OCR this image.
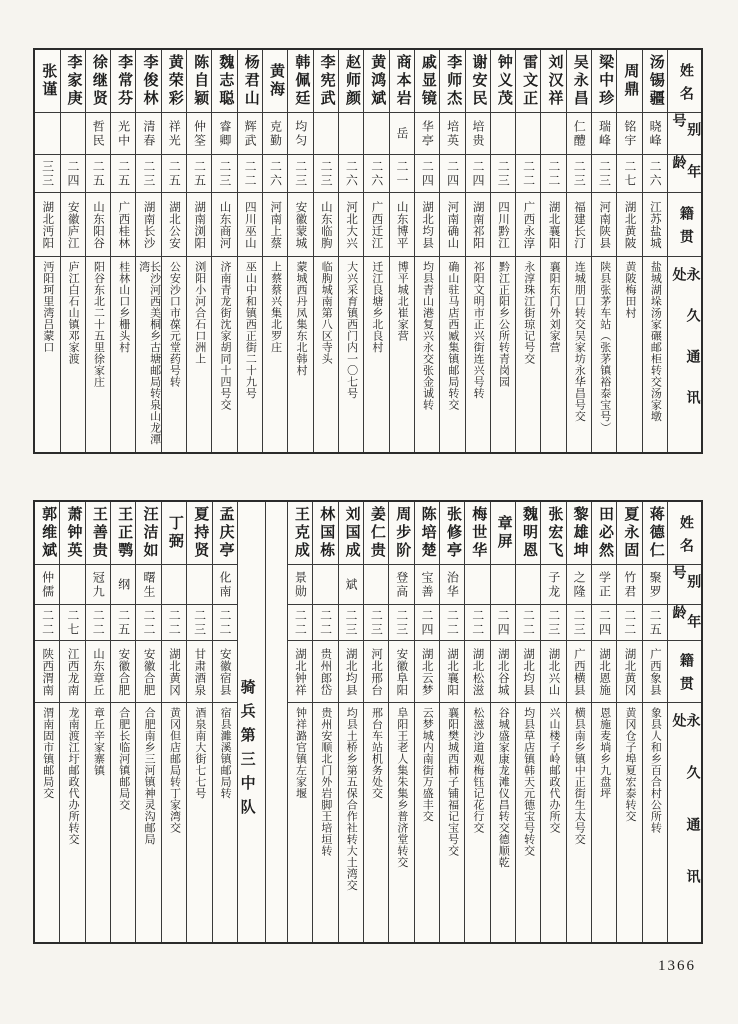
姓名
别号
年龄
籍贯
永久通讯处
汤锡疆
晓峰
二六
江苏盐城
盐城湖垛汤家碾邮柜转交汤家墩
周鼎
铭宇
二七
湖北黄陂
黄陂梅田村
梁中珍
瑞峰
二三
河南陕县
陕县张茅车站（张茅镇裕泰宝号）
吴永昌
仁醴
二三
福建长汀
连城朋口转交吴家坊永华昌号交
刘汉祥
二二
湖北襄阳
襄阳东门外刘家营
雷文正
二二
广西永淳
永淳珠江街琼记号交
钟义茂
二三
四川黔江
黔江正阳乡公所转青岗园
谢安民
培贵
二四
湖南祁阳
祁阳文明市正兴街连兴号转
李师杰
培英
二四
河南确山
确山驻马店西臧集镇邮局转交
戚显镜
华亭
二四
湖北均县
均县青山港复兴永交张金诚转
商本岩
岳
二一
山东博平
博平城北崔家营
黄鸿斌
二六
广西迁江
迁江良塘乡北良村
赵师颜
二六
河北大兴
大兴采育镇西门内一〇七号
李宪武
二三
山东临朐
临朐城南第八区寺头
韩佩廷
均匀
二三
安徽蒙城
蒙城西丹凤集东北韩村
黄海
克勤
二六
河南上蔡
上蔡蔡兴集北罗庄
杨君山
辉武
二二
四川巫山
巫山中和镇西正街二十九号
魏志聪
睿卿
二三
山东商河
济南青龙街沈家胡同十四号交
陈自颖
仲筌
二五
湖南浏阳
浏阳小河合石口洲上
黄荣彩
祥光
二五
湖北公安
公安沙口市葆元堂药号转
李俊林
清春
二三
湖南长沙
长沙河西美桐乡古塘邮局转泉山龙潭湾
李常芬
光中
二五
广西桂林
桂林山口乡栅头村
徐继贤
哲民
二五
山东阳谷
阳谷东北二十五里徐家庄
李家庚
二四
安徽庐江
庐江白石山镇邓家渡
张谨
三三
湖北沔阳
沔阳珂里湾吕蒙口
姓名
别号
年龄
籍贯
永久通讯处
蒋德仁
聚罗
二五
广西象县
象县人和乡百合村公所转
夏永固
竹君
二二
湖北黄冈
黄冈仓子埠夏宏泰转交
田必然
学正
二四
湖北恩施
恩施麦埫乡九盘坪
黎雄坤
之隆
二三
广西横县
横县南乡镇中正街生太号交
张宏飞
子龙
二三
湖北兴山
兴山楼子岭邮政代办所交
魏明恩
二二
湖北均县
均县草店镇韩天元德宝号转交
章屏
二四
湖北谷城
谷城盛家康龙滩仪昌转交德顺乾
梅世华
二二
湖北松滋
松滋沙道观梅钰记花行交
张修亭
治华
二二
湖北襄阳
襄阳樊城西柿子铺福记宝号交
陈培楚
宝善
二四
湖北云梦
云梦城内南街万盛丰交
周步阶
登高
二三
安徽阜阳
阜阳王老人集朱集乡普济堂转交
姜仁贵
二三
河北邢台
邢台车站机务处交
刘国成
斌
二三
湖北均县
均县土桥乡第五保合作社转大土湾交
林国栋
二二
贵州郎岱
贵州安顺北门外岩脚王培垣转
王克成
景勋
二二
湖北钟祥
钟祥潞官镇左家堰
骑兵第三中队
孟庆亭
化南
二二
安徽宿县
宿县濉溪镇邮局转
夏持贤
二三
甘肃酒泉
酒泉南大街七七号
丁弼
二二
湖北黄冈
黄冈但店邮局转丁家湾交
汪洁如
曙生
二二
安徽合肥
合肥南乡三河镇神灵沟邮局
王正鹗
纲
二五
安徽合肥
合肥长临河镇邮局交
王善贵
冠九
二二
山东章丘
章丘辛家寨镇
萧钟英
二七
江西龙南
龙南渡江圩邮政代办所转交
郭维斌
仲儒
二二
陕西渭南
渭南固市镇邮局交
1366
